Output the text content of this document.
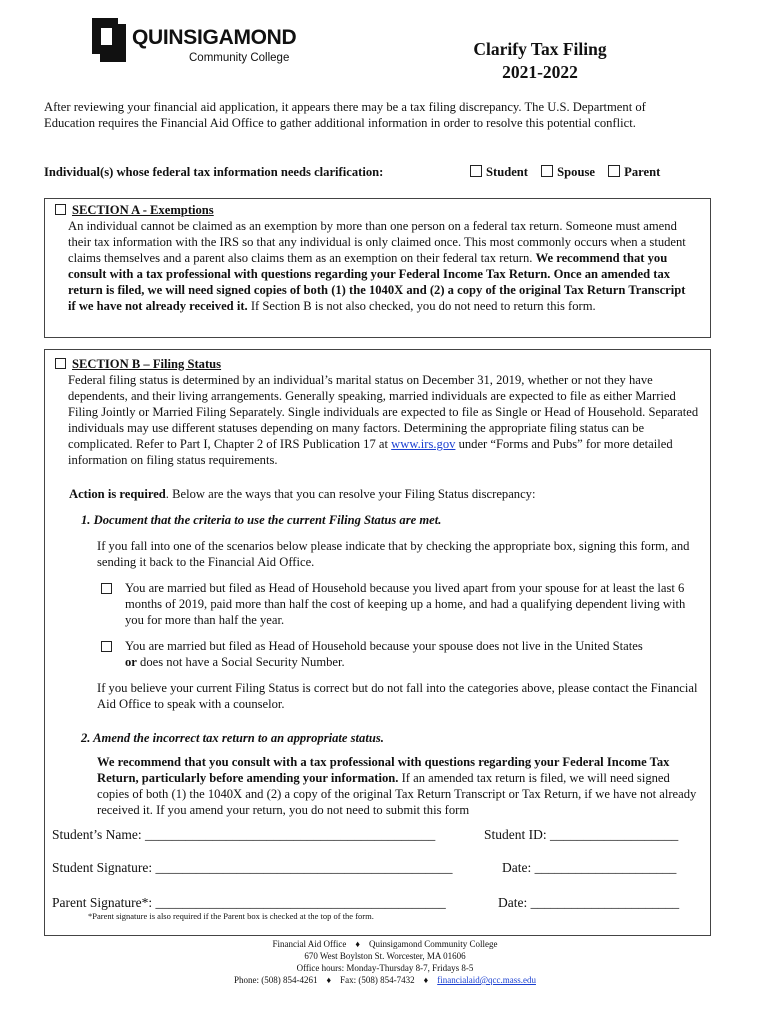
QUINSIGAMOND
Community College	Clarify Tax Filing
2021-2022
After reviewing your financial aid application, it appears there may be a tax filing discrepancy. The U.S. Department of Education requires the Financial Aid Office to gather additional information in order to resolve this potential conflict.
Individual(s) whose federal tax information needs clarification:	Student Spouse Parent
SECTION A - Exemptions
An individual cannot be claimed as an exemption by more than one person on a federal tax return. Someone must amend their tax information with the IRS so that any individual is only claimed once. This most commonly occurs when a student claims themselves and a parent also claims them as an exemption on their federal tax return. We recommend that you consult with a tax professional with questions regarding your Federal Income Tax Return. Once an amended tax return is filed, we will need signed copies of both (1) the 1040X and (2) a copy of the original Tax Return Transcript if we have not already received it. If Section B is not also checked, you do not need to return this form.
SECTION B – Filing Status
Federal filing status is determined by an individual’s marital status on December 31, 2019, whether or not they have dependents, and their living arrangements. Generally speaking, married individuals are expected to file as either Married Filing Jointly or Married Filing Separately. Single individuals are expected to file as Single or Head of Household. Separated individuals may use different statuses depending on many factors. Determining the appropriate filing status can be complicated. Refer to Part I, Chapter 2 of IRS Publication 17 at www.irs.gov under “Forms and Pubs” for more detailed information on filing status requirements.
Action is required. Below are the ways that you can resolve your Filing Status discrepancy:
1. Document that the criteria to use the current Filing Status are met.
If you fall into one of the scenarios below please indicate that by checking the appropriate box, signing this form, and sending it back to the Financial Aid Office.
You are married but filed as Head of Household because you lived apart from your spouse for at least the last 6 months of 2019, paid more than half the cost of keeping up a home, and had a qualifying dependent living with you for more than half the year.
You are married but filed as Head of Household because your spouse does not live in the United States
or does not have a Social Security Number.
If you believe your current Filing Status is correct but do not fall into the categories above, please contact the Financial Aid Office to speak with a counselor.
2. Amend the incorrect tax return to an appropriate status.
We recommend that you consult with a tax professional with questions regarding your Federal Income Tax Return, particularly before amending your information. If an amended tax return is filed, we will need signed copies of both (1) the 1040X and (2) a copy of the original Tax Return Transcript or Tax Return, if we have not already received it. If you amend your return, you do not need to submit this form
Student’s Name: ___________________________________________	Student ID: ___________________
Student Signature: ____________________________________________	Date: _____________________
Parent Signature*: ___________________________________________	Date: ______________________
*Parent signature is also required if the Parent box is checked at the top of the form.
Financial Aid Office ♦ Quinsigamond Community College
670 West Boylston St. Worcester, MA 01606
Office hours: Monday-Thursday 8-7, Fridays 8-5
Phone: (508) 854-4261 ♦ Fax: (508) 854-7432 ♦ financialaid@qcc.mass.edu
